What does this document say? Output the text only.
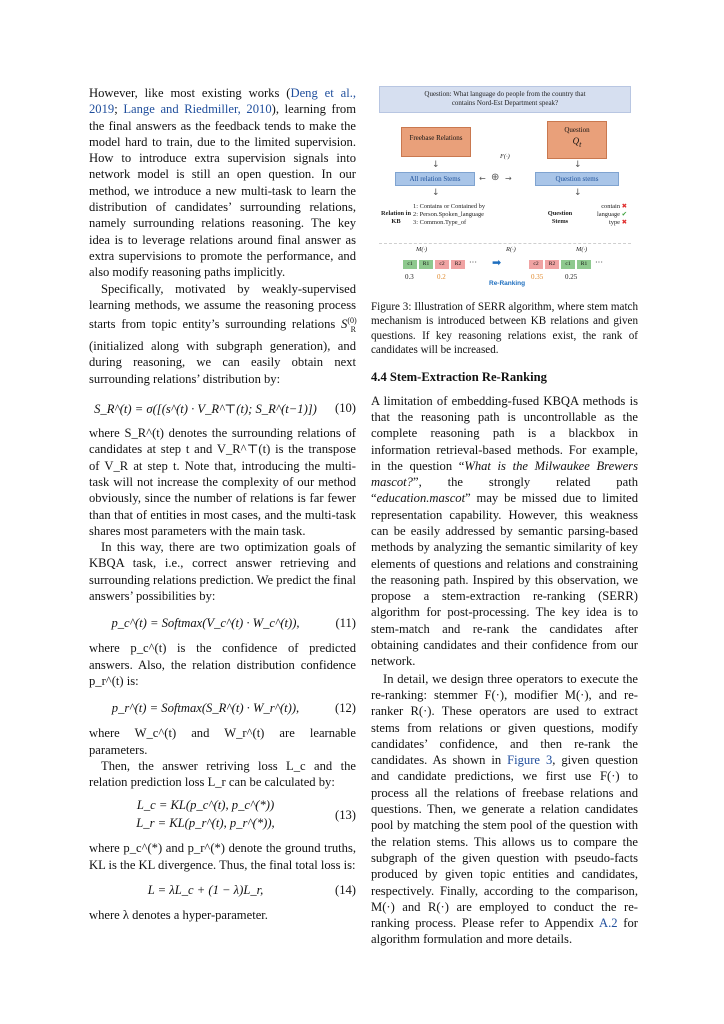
However, like most existing works (Deng et al., 2019; Lange and Riedmiller, 2010), learning from the final answers as the feedback tends to make the model hard to train, due to the limited supervision. How to introduce extra supervision signals into network model is still an open question. In our method, we introduce a new multi-task to learn the distribution of candidates’ surrounding relations, namely surrounding relations reasoning. The key idea is to leverage relations around final answer as extra supervisions to promote the performance, and also modify reasoning paths implicitly.

Specifically, motivated by weakly-supervised learning methods, we assume the reasoning process starts from topic entity’s surrounding relations $S^{(0)}_R$ (initialized along with subgraph generation), and during reasoning, we can easily obtain next surrounding relations’ distribution by:

S_R^(t) = σ([(s^(t) · V_R^⊤(t); S_R^(t−1)])	(10)

where S_R^(t) denotes the surrounding relations of candidates at step t and V_R^⊤(t) is the transpose of V_R at step t. Note that, introducing the multi-task will not increase the complexity of our method obviously, since the number of relations is far fewer than that of entities in most cases, and the multi-task shares most parameters with the main task.

In this way, there are two optimization goals of KBQA task, i.e., correct answer retrieving and surrounding relations prediction. We predict the final answers’ possibilities by:

p_c^(t) = Softmax(V_c^(t) · W_c^(t)),	(11)

where p_c^(t) is the confidence of predicted answers. Also, the relation distribution confidence p_r^(t) is:

p_r^(t) = Softmax(S_R^(t) · W_r^(t)),	(12)

where W_c^(t) and W_r^(t) are learnable parameters.

Then, the answer retriving loss L_c and the relation prediction loss L_r can be calculated by:

L_c = KL(p_c^(t), p_c^(*))
L_r = KL(p_r^(t), p_r^(*)),
(13)

where p_c^(*) and p_r^(*) denote the ground truths, KL is the KL divergence. Thus, the final total loss is:

L = λL_c + (1 − λ)L_r,	(14)

where λ denotes a hyper-parameter.

Question: What language do people from the country that
contains Nord-Est Department speak?
Freebase Relations
Question
$Q_t$
F(·)
↓	↓
All relation Stems	← ⊕ →	Question stems
↓	↓
Relation in KB
1: Contains or Contained by
2: Person.Spoken_language
3: Common.Type_of
Question Stems
contain ✖
language ✔
type ✖
M(·)	R(·)	M(·)
c1	R1	c2	R2 ··· ➡	c2	R2	c1	R1 ···
0.3	0.2	0.35	0.25
Re-Ranking

Figure 3: Illustration of SERR algorithm, where stem match mechanism is introduced between KB relations and given questions. If key reasoning relations exist, the rank of candidates will be increased.

4.4 Stem-Extraction Re-Ranking

A limitation of embedding-fused KBQA methods is that the reasoning path is uncontrollable as the complete reasoning path is a blackbox in information retrieval-based methods. For example, in the question “What is the Milwaukee Brewers mascot?”, the strongly related path “education.mascot” may be missed due to limited representation capability. However, this weakness can be easily addressed by semantic parsing-based methods by analyzing the semantic similarity of key elements of questions and relations and constraining the reasoning path. Inspired by this observation, we propose a stem-extraction re-ranking (SERR) algorithm for post-processing. The key idea is to stem-match and re-rank the candidates after obtaining candidates and their confidence from our network.

In detail, we design three operators to execute the re-ranking: stemmer F(·), modifier M(·), and re-ranker R(·). These operators are used to extract stems from relations or given questions, modify candidates’ confidence, and then re-rank the candidates. As shown in Figure 3, given question and candidate predictions, we first use F(·) to process all the relations of freebase relations and questions. Then, we generate a relation candidates pool by matching the stem pool of the question with the relation stems. This allows us to compare the subgraph of the given question with pseudo-facts produced by given topic entities and candidates, respectively. Finally, according to the comparison, M(·) and R(·) are employed to conduct the re-ranking process. Please refer to Appendix A.2 for algorithm formulation and more details.
